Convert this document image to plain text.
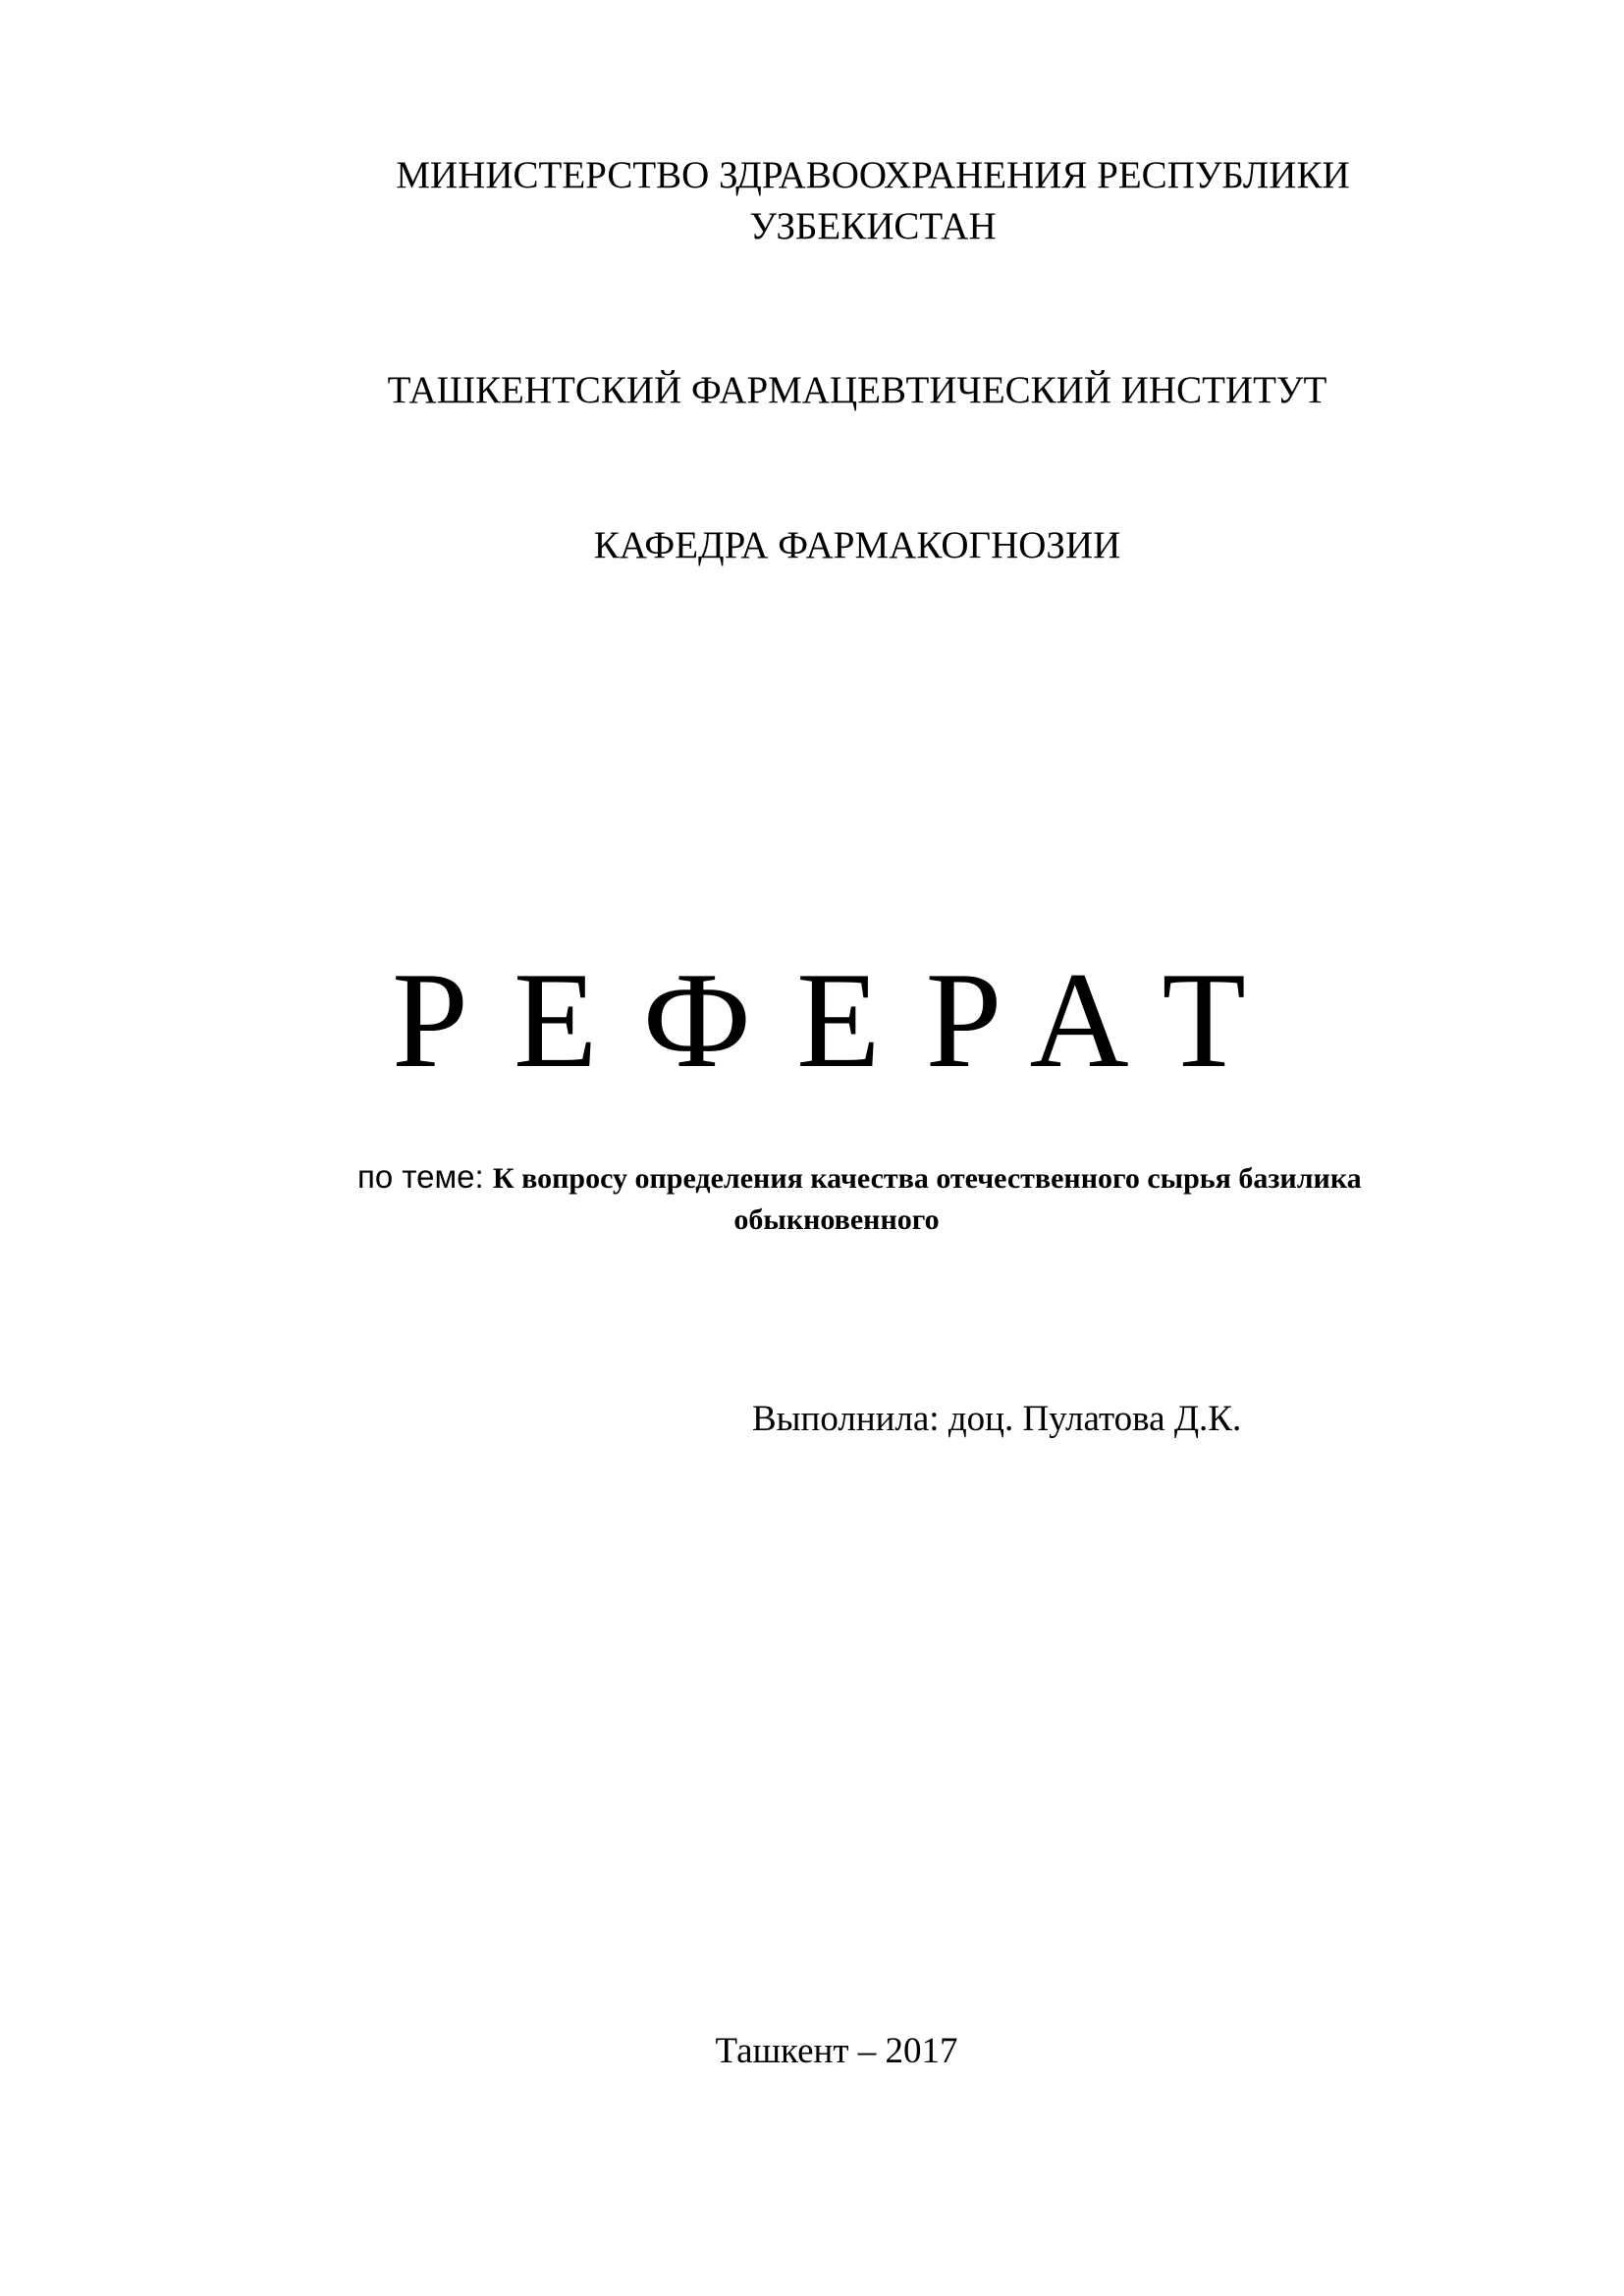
МИНИСТЕРСТВО ЗДРАВООХРАНЕНИЯ РЕСПУБЛИКИ

УЗБЕКИСТАН

ТАШКЕНТСКИЙ ФАРМАЦЕВТИЧЕСКИЙ ИНСТИТУТ

КАФЕДРА ФАРМАКОГНОЗИИ

РЕФЕРАТ
по теме: К вопросу определения качества отечественного сырья базилика
обыкновенного
Выполнила: доц. Пулатова Д.К.
Ташкент – 2017
